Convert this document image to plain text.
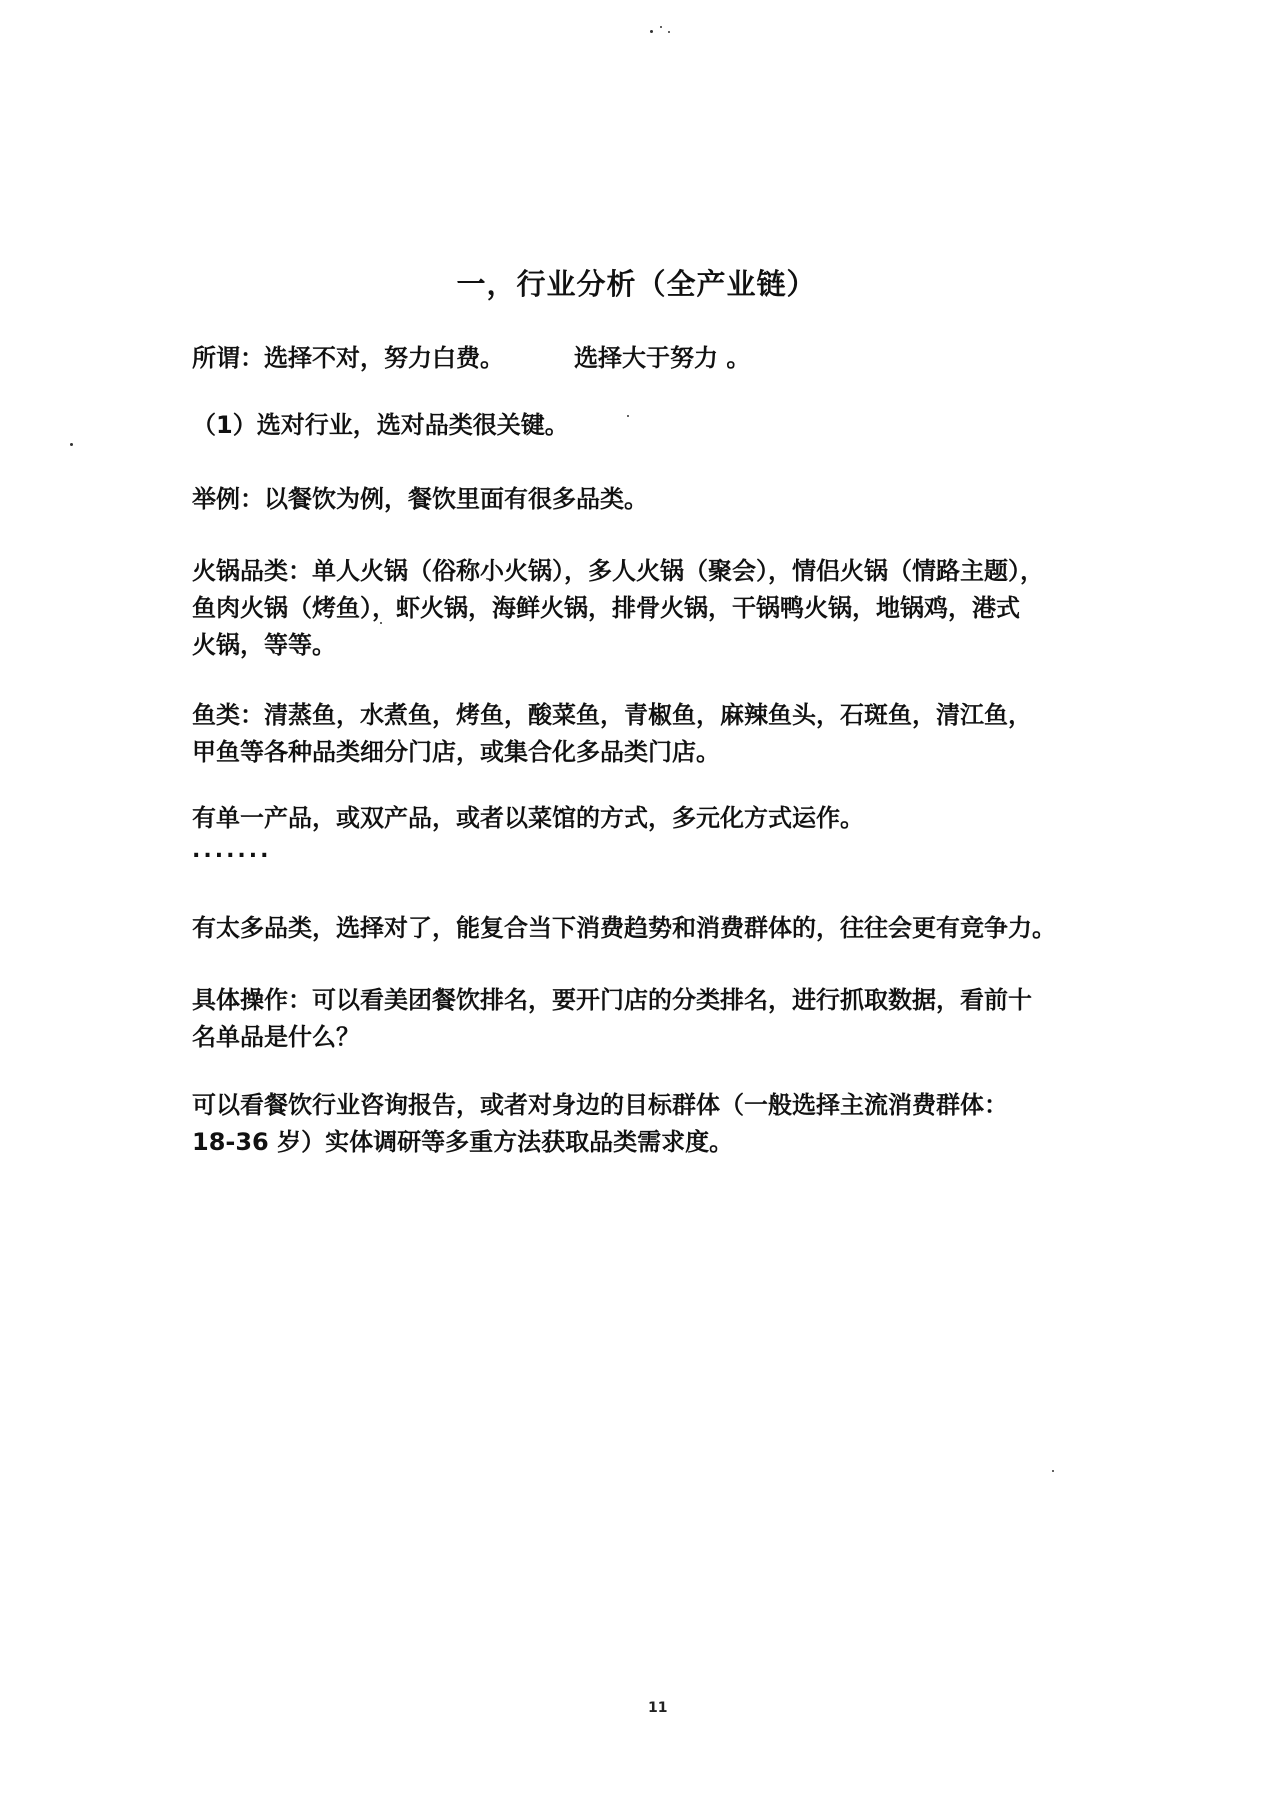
一，行业分析（全产业链）
所谓：选择不对，努力白费。	选择大于努力 。
（1）选对行业，选对品类很关键。
举例：以餐饮为例，餐饮里面有很多品类。
火锅品类：单人火锅（俗称小火锅），多人火锅（聚会），情侣火锅（情路主题），
鱼肉火锅（烤鱼），虾火锅，海鲜火锅，排骨火锅，干锅鸭火锅，地锅鸡，港式
火锅，等等。
鱼类：清蒸鱼，水煮鱼，烤鱼，酸菜鱼，青椒鱼，麻辣鱼头，石斑鱼，清江鱼，
甲鱼等各种品类细分门店，或集合化多品类门店。
有单一产品，或双产品，或者以菜馆的方式，多元化方式运作。
.......
有太多品类，选择对了，能复合当下消费趋势和消费群体的，往往会更有竞争力。
具体操作：可以看美团餐饮排名，要开门店的分类排名，进行抓取数据，看前十
名单品是什么？
可以看餐饮行业咨询报告，或者对身边的目标群体（一般选择主流消费群体：
18-36 岁）实体调研等多重方法获取品类需求度。
11
